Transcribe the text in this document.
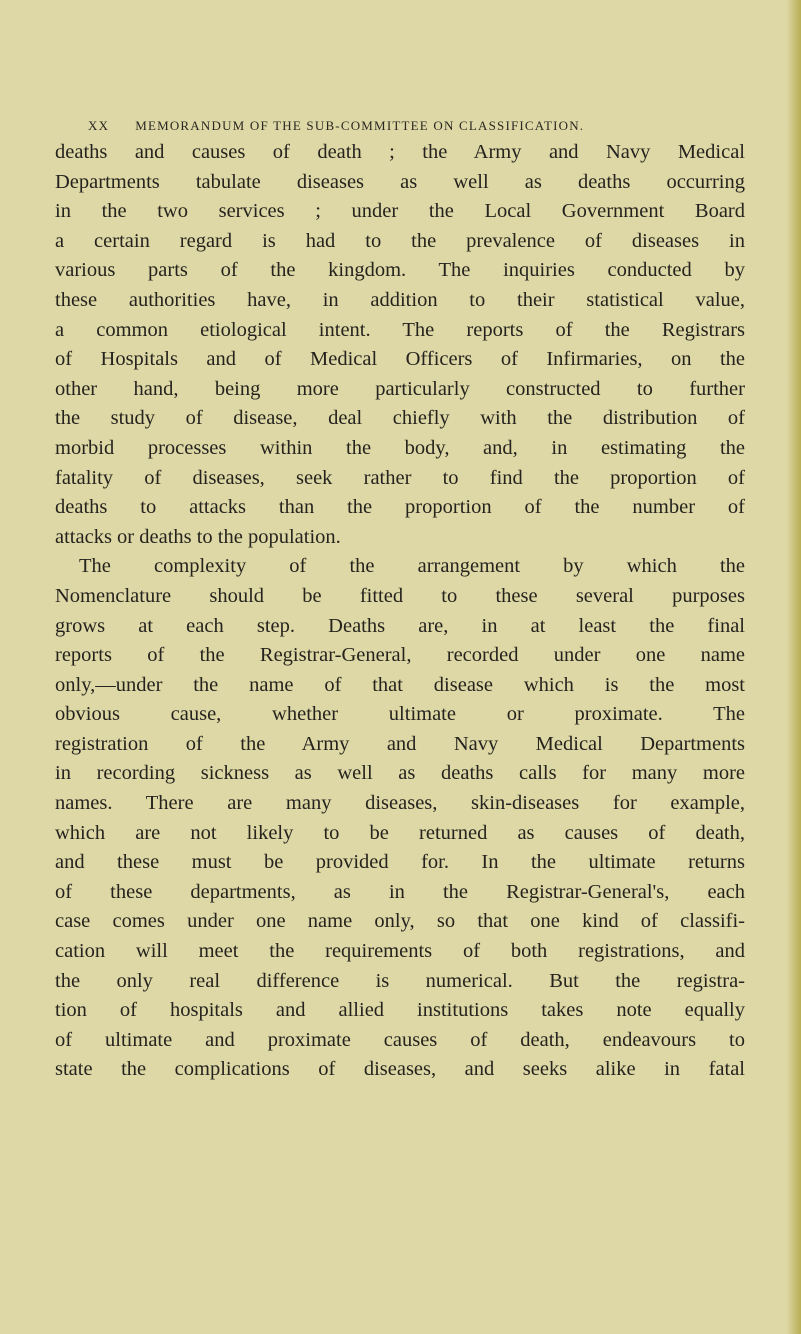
XX MEMORANDUM OF THE SUB-COMMITTEE ON CLASSIFICATION.
deaths and causes of death ; the Army and Navy Medical
Departments tabulate diseases as well as deaths occurring
in the two services ; under the Local Government Board
a certain regard is had to the prevalence of diseases in
various parts of the kingdom. The inquiries conducted by
these authorities have, in addition to their statistical value,
a common etiological intent. The reports of the Registrars
of Hospitals and of Medical Officers of Infirmaries, on the
other hand, being more particularly constructed to further
the study of disease, deal chiefly with the distribution of
morbid processes within the body, and, in estimating the
fatality of diseases, seek rather to find the proportion of
deaths to attacks than the proportion of the number of
attacks or deaths to the population.
The complexity of the arrangement by which the
Nomenclature should be fitted to these several purposes
grows at each step. Deaths are, in at least the final
reports of the Registrar-General, recorded under one name
only,—under the name of that disease which is the most
obvious cause, whether ultimate or proximate. The
registration of the Army and Navy Medical Departments
in recording sickness as well as deaths calls for many more
names. There are many diseases, skin-diseases for example,
which are not likely to be returned as causes of death,
and these must be provided for. In the ultimate returns
of these departments, as in the Registrar-General's, each
case comes under one name only, so that one kind of classifi-
cation will meet the requirements of both registrations, and
the only real difference is numerical. But the registra-
tion of hospitals and allied institutions takes note equally
of ultimate and proximate causes of death, endeavours to
state the complications of diseases, and seeks alike in fatal
